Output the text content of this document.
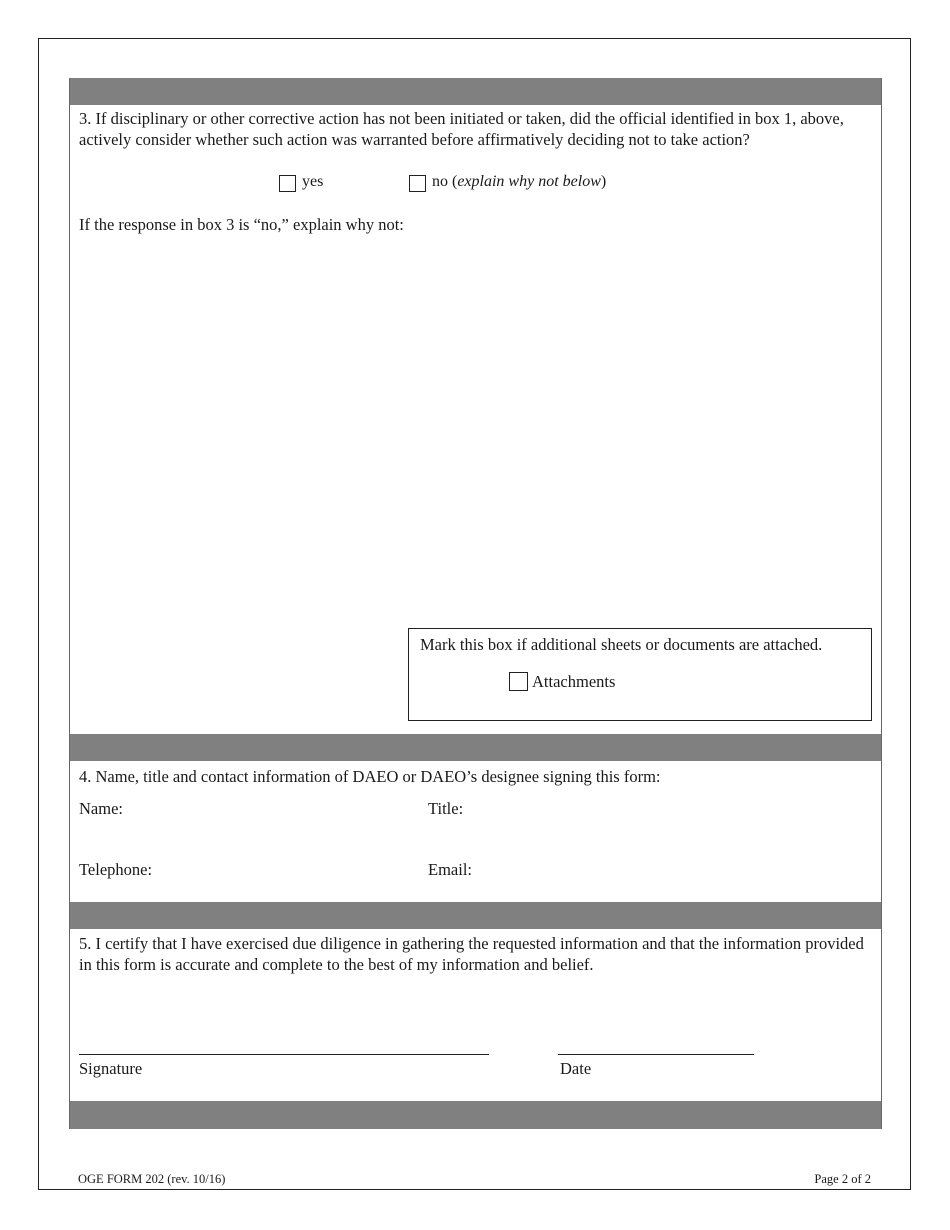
3. If disciplinary or other corrective action has not been initiated or taken, did the official identified in box 1, above, actively consider whether such action was warranted before affirmatively deciding not to take action?
yes	no (explain why not below)
If the response in box 3 is “no,” explain why not:
Mark this box if additional sheets or documents are attached.
Attachments
4. Name, title and contact information of DAEO or DAEO’s designee signing this form:
Name:	Title:
Telephone:	Email:
5. I certify that I have exercised due diligence in gathering the requested information and that the information provided in this form is accurate and complete to the best of my information and belief.
Signature	Date
OGE FORM 202 (rev. 10/16)	Page 2 of 2
